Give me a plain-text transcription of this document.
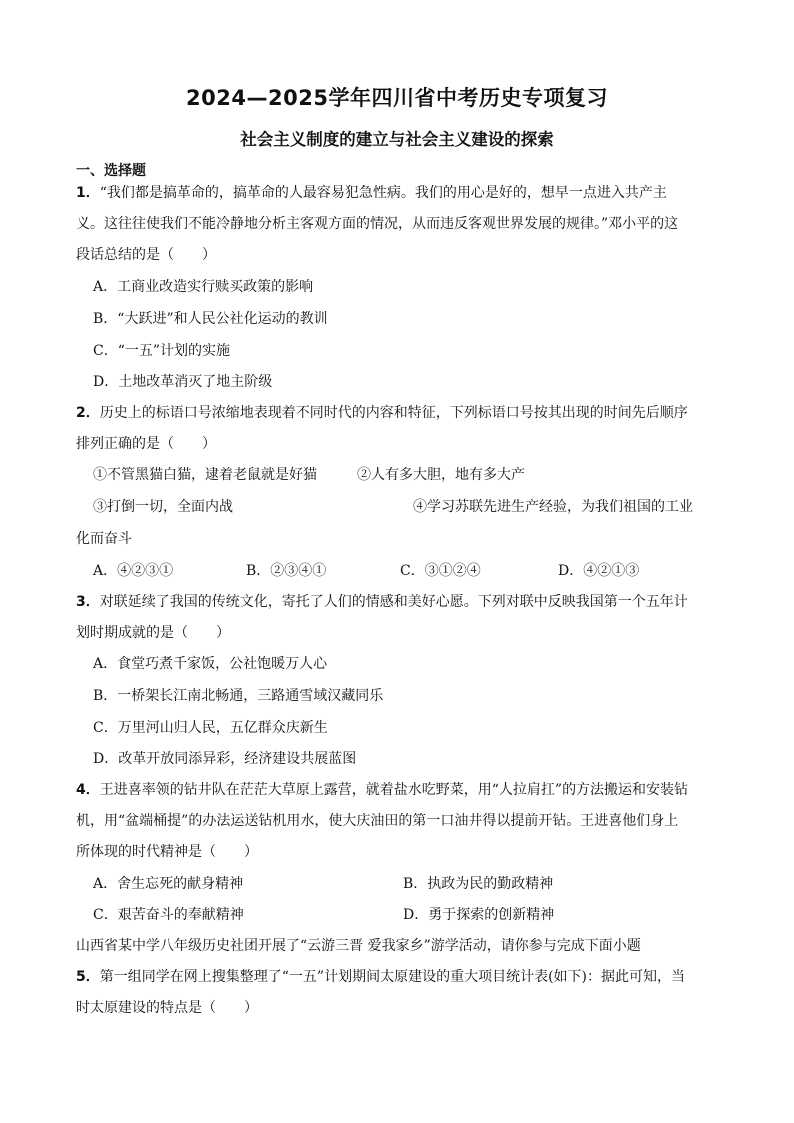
2024—2025学年四川省中考历史专项复习
社会主义制度的建立与社会主义建设的探索
一、选择题
1．“我们都是搞革命的，搞革命的人最容易犯急性病。我们的用心是好的，想早一点进入共产主
义。这往往使我们不能冷静地分析主客观方面的情况，从而违反客观世界发展的规律。”邓小平的这
段话总结的是（　　）
A．工商业改造实行赎买政策的影响
B．“大跃进”和人民公社化运动的教训
C．“一五”计划的实施
D．土地改革消灭了地主阶级
2．历史上的标语口号浓缩地表现着不同时代的内容和特征，下列标语口号按其出现的时间先后顺序
排列正确的是（　　）
①不管黑猫白猫，逮着老鼠就是好猫	②人有多大胆，地有多大产
③打倒一切，全面内战	④学习苏联先进生产经验，为我们祖国的工业
化而奋斗
A．④②③①	B．②③④①	C．③①②④	D．④②①③
3．对联延续了我国的传统文化，寄托了人们的情感和美好心愿。下列对联中反映我国第一个五年计
划时期成就的是（　　）
A．食堂巧煮千家饭，公社饱暖万人心
B．一桥架长江南北畅通，三路通雪域汉藏同乐
C．万里河山归人民，五亿群众庆新生
D．改革开放同添异彩，经济建设共展蓝图
4．王进喜率领的钻井队在茫茫大草原上露营，就着盐水吃野菜，用“人拉肩扛”的方法搬运和安装钻
机，用“盆端桶提”的办法运送钻机用水，使大庆油田的第一口油井得以提前开钻。王进喜他们身上
所体现的时代精神是（　　）
A．舍生忘死的献身精神	B．执政为民的勤政精神
C．艰苦奋斗的奉献精神	D．勇于探索的创新精神
山西省某中学八年级历史社团开展了“云游三晋 爱我家乡”游学活动，请你参与完成下面小题
5．第一组同学在网上搜集整理了“一五”计划期间太原建设的重大项目统计表(如下)：据此可知，当
时太原建设的特点是（　　）
